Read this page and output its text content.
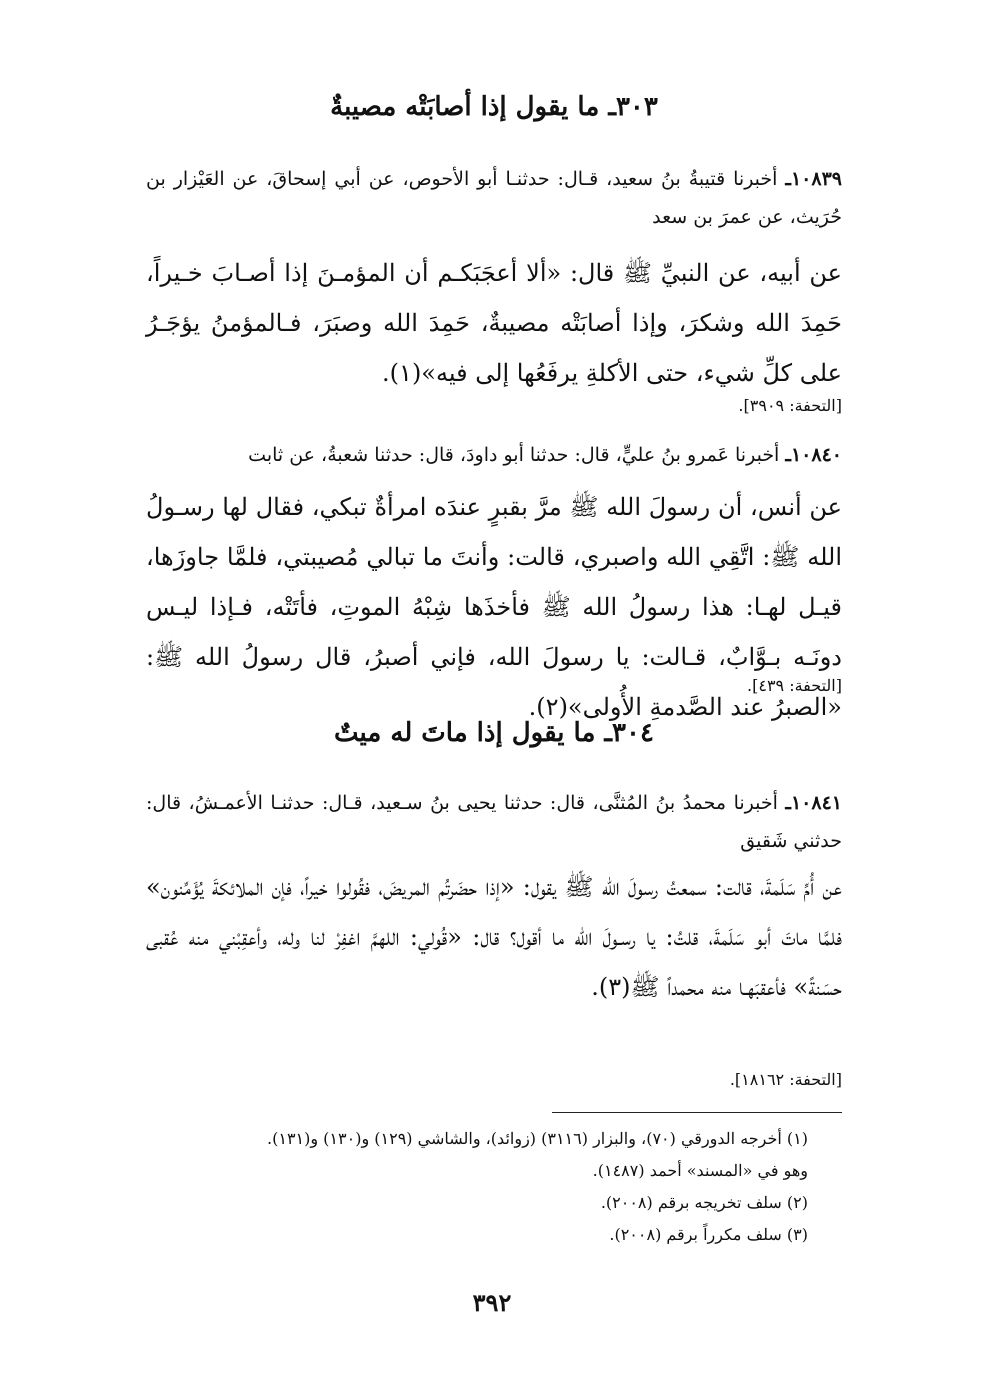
٣٠٣ـ ما يقول إذا أصابَتْه مصيبةٌ
١٠٨٣٩ـ أخبرنا قتيبةُ بنُ سعيد، قـال: حدثنـا أبو الأحوص، عن أبي إسحاقَ، عن العَيْزار بن حُرَيث، عن عمرَ بن سعد
عن أبيه، عن النبيِّ ﷺ قال: «ألا أعجَبَكـم أن المؤمـنَ إذا أصـابَ خـيراً، حَمِدَ الله وشكرَ، وإذا أصابَتْه مصيبةٌ، حَمِدَ الله وصبَرَ، فـالمؤمنُ يؤجَـرُ على كلِّ شيء، حتى الأكلةِ يرفَعُها إلى فيه»(١).
[التحفة: ٣٩٠٩].
١٠٨٤٠ـ أخبرنا عَمرو بنُ عليٍّ، قال: حدثنا أبو داودَ، قال: حدثنا شعبةُ، عن ثابت
عن أنس، أن رسولَ الله ﷺ مرَّ بقبرٍ عندَه امرأةٌ تبكي، فقال لها رسـولُ الله ﷺ: اتَّقِي الله واصبري، قالت: وأنتَ ما تبالي مُصيبتي، فلمَّا جاوزَها، قيـل لهـا: هذا رسولُ الله ﷺ فأخذَها شِبْهُ الموتِ، فأتَتْه، فـإذا ليـس دونَـه بـوَّابٌ، قـالت: يا رسولَ الله، فإني أصبرُ، قال رسولُ الله ﷺ: «الصبرُ عند الصَّدمةِ الأُولى»(٢).
[التحفة: ٤٣٩].
٣٠٤ـ ما يقول إذا ماتَ له ميتٌ
١٠٨٤١ـ أخبرنا محمدُ بنُ المُثنَّى، قال: حدثنا يحيى بنُ سـعيد، قـال: حدثنـا الأعمـشُ، قال: حدثني شَقيق
عن أُمِّ سَلَمةَ، قالت: سمعتُ رسولَ الله ﷺ يقول: «إذا حضَرتُم المريضَ، فقُولوا خيراً، فإن الملائكةَ يُؤَمِّنون» فلمَّا ماتَ أبو سَلَمةَ، قلتُ: يا رسـولَ الله ما أقول؟ قال: «قُولي: اللهمَّ اغفِرْ لنا وله، وأعقِبْني منه عُقبى حسَنةً» فأعقبَهـا منه محمداً ﷺ(٣).
[التحفة: ١٨١٦٢].
(١) أخرجه الدورقي (٧٠)، والبزار (٣١١٦) (زوائد)، والشاشي (١٢٩) و(١٣٠) و(١٣١).
وهو في «المسند» أحمد (١٤٨٧).
(٢) سلف تخريجه برقم (٢٠٠٨).
(٣) سلف مكرراً برقم (٢٠٠٨).
٣٩٢
